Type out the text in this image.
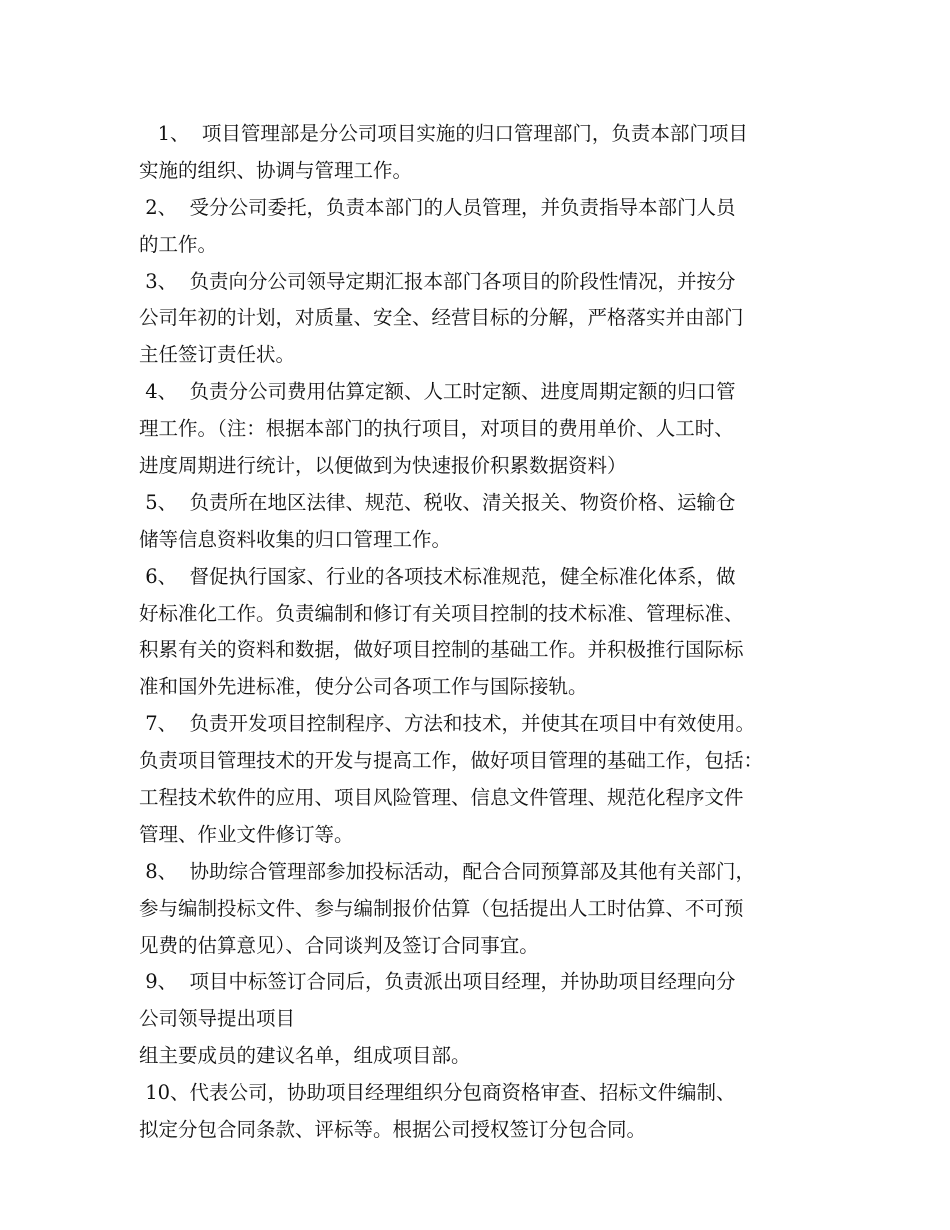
1、  项目管理部是分公司项目实施的归口管理部门，负责本部门项目
实施的组织、协调与管理工作。
2、  受分公司委托，负责本部门的人员管理，并负责指导本部门人员
的工作。
3、  负责向分公司领导定期汇报本部门各项目的阶段性情况，并按分
公司年初的计划，对质量、安全、经营目标的分解，严格落实并由部门
主任签订责任状。
4、  负责分公司费用估算定额、人工时定额、进度周期定额的归口管
理工作。（注：根据本部门的执行项目，对项目的费用单价、人工时、
进度周期进行统计，以便做到为快速报价积累数据资料）
5、  负责所在地区法律、规范、税收、清关报关、物资价格、运输仓
储等信息资料收集的归口管理工作。
6、  督促执行国家、行业的各项技术标准规范，健全标准化体系，做
好标准化工作。负责编制和修订有关项目控制的技术标准、管理标准、
积累有关的资料和数据，做好项目控制的基础工作。并积极推行国际标
准和国外先进标准，使分公司各项工作与国际接轨。
7、  负责开发项目控制程序、方法和技术，并使其在项目中有效使用。
负责项目管理技术的开发与提高工作，做好项目管理的基础工作，包括：
工程技术软件的应用、项目风险管理、信息文件管理、规范化程序文件
管理、作业文件修订等。
8、  协助综合管理部参加投标活动，配合合同预算部及其他有关部门，
参与编制投标文件、参与编制报价估算（包括提出人工时估算、不可预
见费的估算意见）、合同谈判及签订合同事宜。
9、  项目中标签订合同后，负责派出项目经理，并协助项目经理向分
公司领导提出项目
组主要成员的建议名单，组成项目部。
10、代表公司，协助项目经理组织分包商资格审查、招标文件编制、
拟定分包合同条款、评标等。根据公司授权签订分包合同。
